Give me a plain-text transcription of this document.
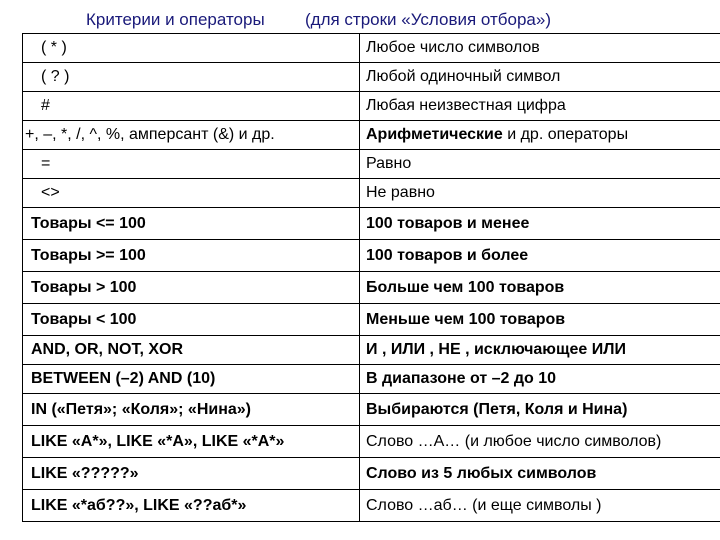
Критерии и операторы (для строки «Условия отбора»)
( * )	Любое число символов
( ? )	Любой одиночный символ
#	Любая неизвестная цифра
+, –, *, /, ^, %, амперсант (&) и др.	Арифметические и др. операторы
=	Равно
<>	Не равно
Товары <= 100	100 товаров и менее
Товары >= 100	100 товаров и более
Товары > 100	Больше чем 100 товаров
Товары < 100	Меньше чем 100 товаров
AND, OR, NOT, XOR	И , ИЛИ , НЕ , исключающее ИЛИ
BETWEEN (–2) AND (10)	В диапазоне от –2 до 10
IN («Петя»; «Коля»; «Нина»)	Выбираются (Петя, Коля и Нина)
LIKE «A*», LIKE «*A», LIKE «*A*»	Слово …А… (и любое число символов)
LIKE «?????»	Слово из 5 любых символов
LIKE «*аб??», LIKE «??аб*»	Слово …аб… (и еще символы )
